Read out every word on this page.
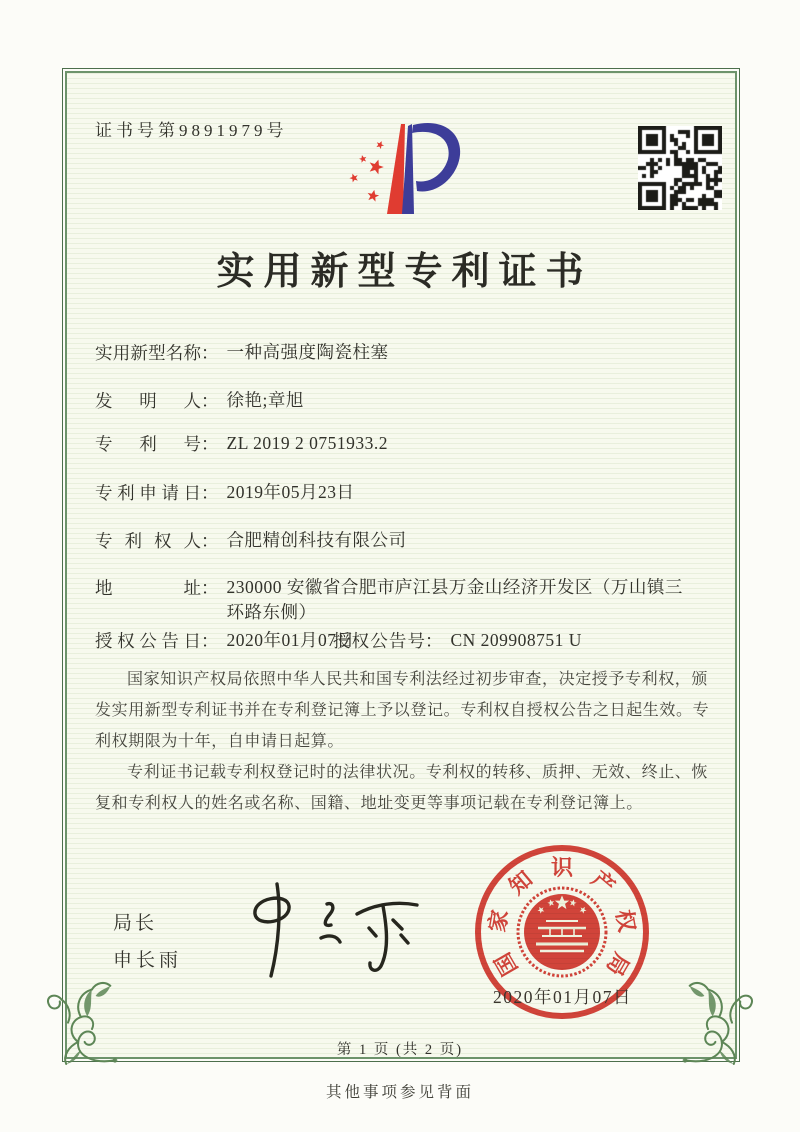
证书号第9891979号
实用新型专利证书
实用新型名称 ： 一种高强度陶瓷柱塞
发明人 ： 徐艳;章旭
专利号 ： ZL 2019 2 0751933.2
专利申请日 ： 2019年05月23日
专利权人 ： 合肥精创科技有限公司
地址 ： 230000 安徽省合肥市庐江县万金山经济开发区（万山镇三环路东侧）
授权公告日 ： 2020年01月07日
授权公告号 ： CN 209908751 U

国家知识产权局依照中华人民共和国专利法经过初步审查，决定授予专利权，颁发实用新型专利证书并在专利登记簿上予以登记。专利权自授权公告之日起生效。专利权期限为十年，自申请日起算。

专利证书记载专利权登记时的法律状况。专利权的转移、质押、无效、终止、恢复和专利权人的姓名或名称、国籍、地址变更等事项记载在专利登记簿上。

局长
申长雨	国
家
知 识 产
权
局
2020年01月07日
第 1 页 (共 2 页)
其他事项参见背面
